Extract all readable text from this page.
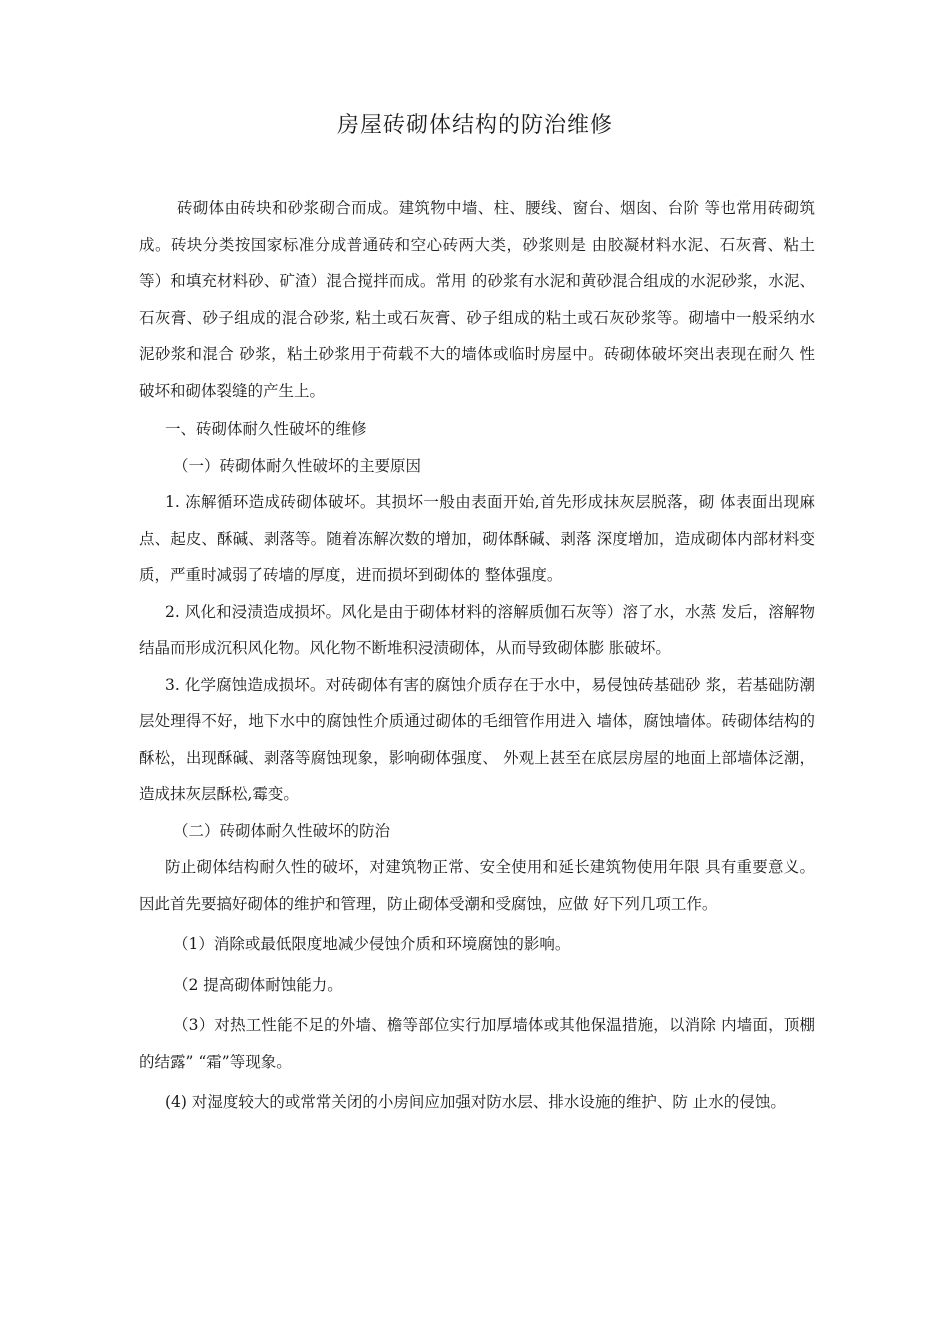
房屋砖砌体结构的防治维修

砖砌体由砖块和砂浆砌合而成。建筑物中墙、柱、腰线、窗台、烟囱、台阶 等也常用砖砌筑成。砖块分类按国家标准分成普通砖和空心砖两大类，砂浆则是 由胶凝材料水泥、石灰膏、粘土等）和填充材料砂、矿渣）混合搅拌而成。常用 的砂浆有水泥和黄砂混合组成的水泥砂浆，水泥、石灰膏、砂子组成的混合砂浆, 粘土或石灰膏、砂子组成的粘土或石灰砂浆等。砌墙中一般采纳水泥砂浆和混合 砂浆，粘土砂浆用于荷载不大的墙体或临时房屋中。砖砌体破坏突出表现在耐久 性破坏和砌体裂缝的产生上。

一、砖砌体耐久性破坏的维修

（一）砖砌体耐久性破坏的主要原因

1. 冻解循环造成砖砌体破坏。其损坏一般由表面开始,首先形成抹灰层脱落，砌 体表面出现麻点、起皮、酥碱、剥落等。随着冻解次数的增加，砌体酥碱、剥落 深度增加，造成砌体内部材料变质，严重时减弱了砖墙的厚度，进而损坏到砌体的 整体强度。

2. 风化和浸渍造成损坏。风化是由于砌体材料的溶解质伽石灰等）溶了水，水蒸 发后，溶解物结晶而形成沉积风化物。风化物不断堆积浸渍砌体，从而导致砌体膨 胀破坏。

3. 化学腐蚀造成损坏。对砖砌体有害的腐蚀介质存在于水中，易侵蚀砖基础砂 浆，若基础防潮层处理得不好，地下水中的腐蚀性介质通过砌体的毛细管作用进入 墙体，腐蚀墙体。砖砌体结构的酥松，出现酥碱、剥落等腐蚀现象，影响砌体强度、 外观上甚至在底层房屋的地面上部墙体泛潮，造成抹灰层酥松,霉变。

（二）砖砌体耐久性破坏的防治

防止砌体结构耐久性的破坏，对建筑物正常、安全使用和延长建筑物使用年限 具有重要意义。因此首先要搞好砌体的维护和管理，防止砌体受潮和受腐蚀，应做 好下列几项工作。

（1）消除或最低限度地减少侵蚀介质和环境腐蚀的影响。

（2 提高砌体耐蚀能力。

（3）对热工性能不足的外墙、檐等部位实行加厚墙体或其他保温措施，以消除 内墙面，顶棚的结露” “霜”等现象。

(4) 对湿度较大的或常常关闭的小房间应加强对防水层、排水设施的维护、防 止水的侵蚀。
